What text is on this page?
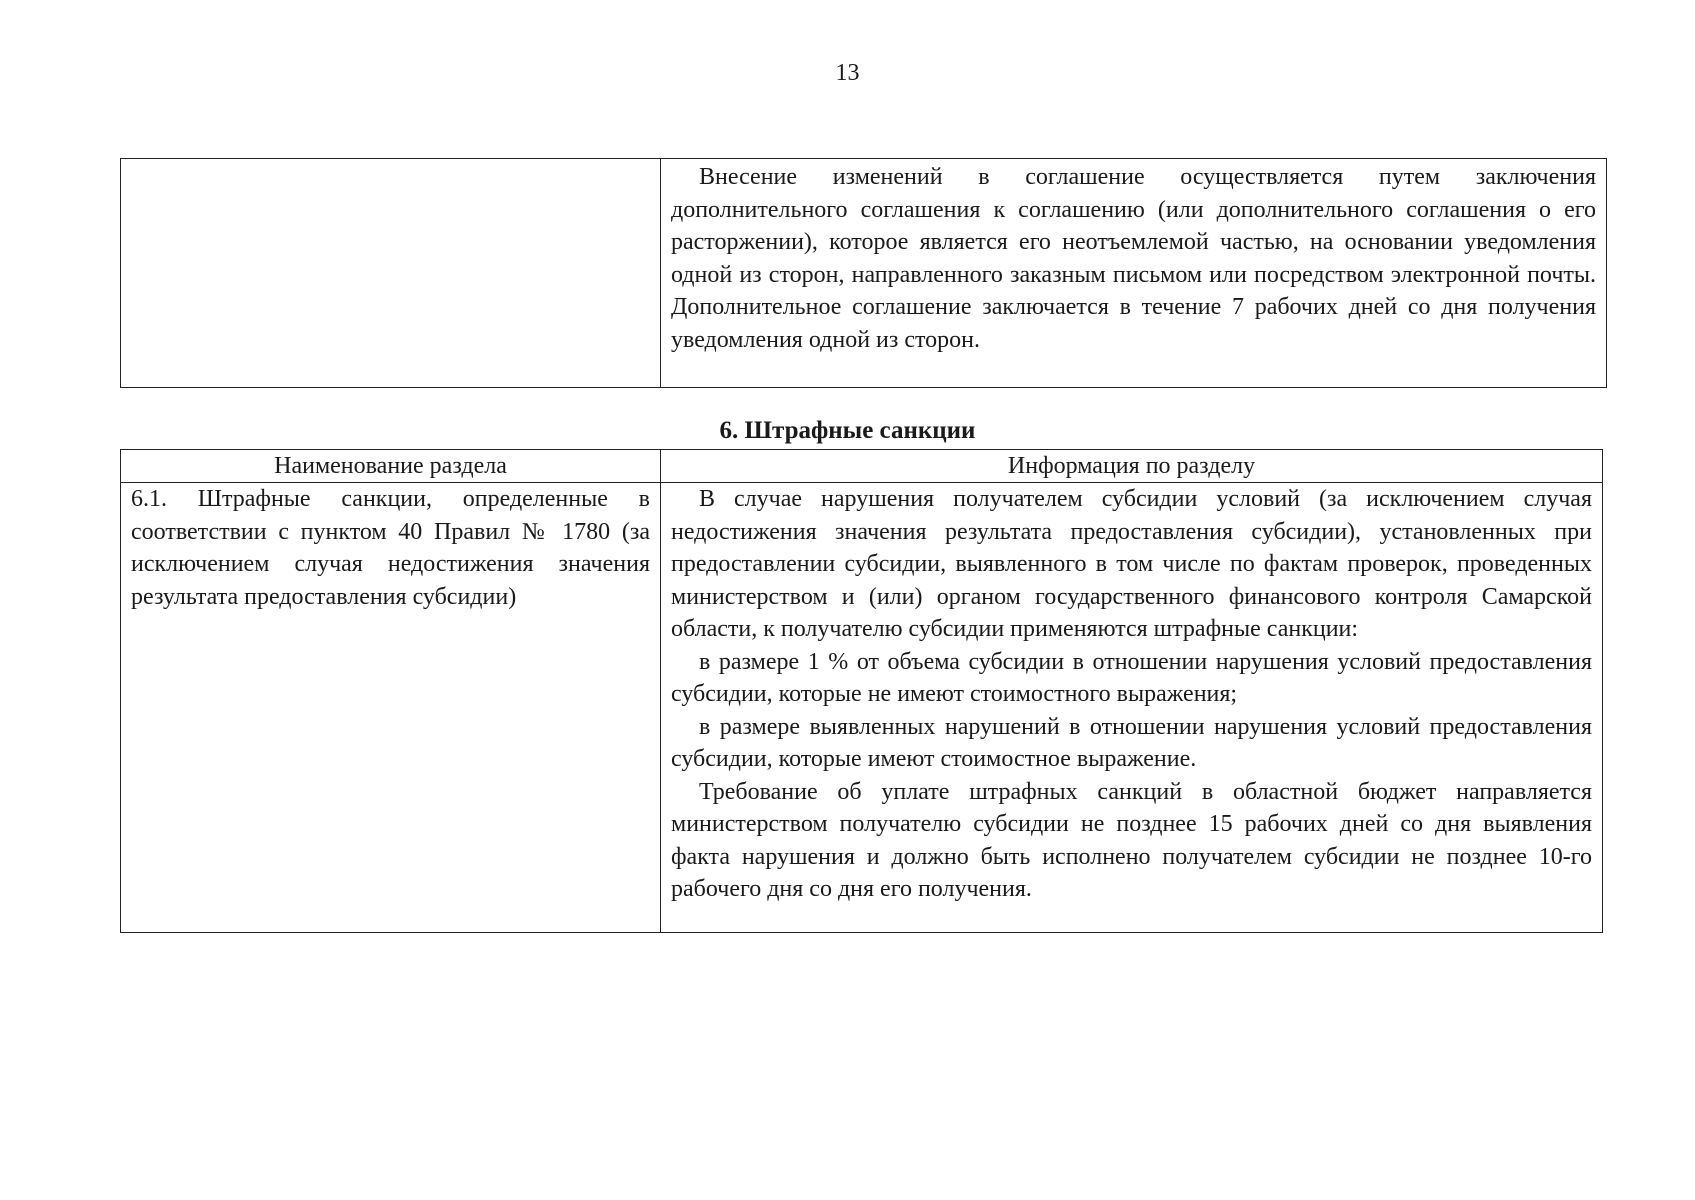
13

Внесение изменений в соглашение осуществляется путем заключения дополнительного соглашения к соглашению (или дополнительного соглашения о его расторжении), которое является его неотъемлемой частью, на основании уведомления одной из сторон, направленного заказным письмом или посредством электронной почты. Дополнительное соглашение заключается в течение 7 рабочих дней со дня получения уведомления одной из сторон.

6. Штрафные санкции
Наименование раздела	Информация по разделу

6.1. Штрафные санкции, определенные в соответствии с пунктом 40 Правил № 1780 (за исключением случая недостижения значения результата предоставления субсидии)	В случае нарушения получателем субсидии условий (за исключением случая недостижения значения результата предоставления субсидии), установленных при предоставлении субсидии, выявленного в том числе по фактам проверок, проведенных министерством и (или) органом государственного финансового контроля Самарской области, к получателю субсидии применяются штрафные санкции:

в размере 1 % от объема субсидии в отношении нарушения условий предоставления субсидии, которые не имеют стоимостного выражения;

в размере выявленных нарушений в отношении нарушения условий предоставления субсидии, которые имеют стоимостное выражение.

Требование об уплате штрафных санкций в областной бюджет направляется министерством получателю субсидии не позднее 15 рабочих дней со дня выявления факта нарушения и должно быть исполнено получателем субсидии не позднее 10-го рабочего дня со дня его получения.
